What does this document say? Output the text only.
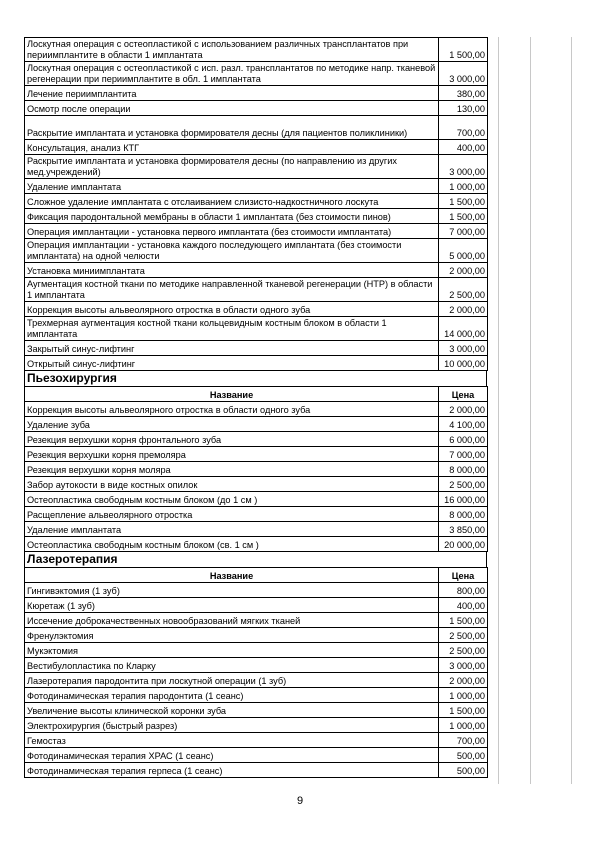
Лоскутная операция с остеопластикой с использованием различных трансплантатов при периимплантите в области 1 имплантата	1 500,00
Лоскутная операция с остеопластикой с исп. разл. трансплантатов по методике напр. тканевой регенерации при периимплантите в обл. 1 имплантата	3 000,00
Лечение периимплантита	380,00
Осмотр после операции	130,00
Раскрытие имплантата и установка формирователя десны (для пациентов поликлиники)	700,00
Консультация, анализ КТГ	400,00
Раскрытие имплантата и установка формирователя десны (по направлению из других мед.учреждений)	3 000,00
Удаление имплантата	1 000,00
Сложное удаление имплантата с отслаиванием слизисто-надкостничного лоскута	1 500,00
Фиксация пародонтальной мембраны в области 1 имплантата (без стоимости пинов)	1 500,00
Операция имплантации - установка первого имплантата (без стоимости имплантата)	7 000,00
Операция имплантации - установка каждого последующего имплантата (без стоимости имплантата) на одной челюсти	5 000,00
Установка миниимплантата	2 000,00
Аугментация костной ткани по методике направленной тканевой регенерации (НТР) в области 1 имплантата	2 500,00
Коррекция высоты альвеолярного отростка в области одного зуба	2 000,00
Трехмерная аугментация костной ткани кольцевидным костным блоком в области 1 имплантата	14 000,00
Закрытый синус-лифтинг	3 000,00
Открытый синус-лифтинг	10 000,00
Пьезохирургия
Название	Цена
Коррекция высоты альвеолярного отростка в области одного зуба	2 000,00
Удаление зуба	4 100,00
Резекция верхушки корня фронтального зуба	6 000,00
Резекция верхушки корня премоляра	7 000,00
Резекция верхушки корня моляра	8 000,00
Забор аутокости в виде костных опилок	2 500,00
Остеопластика свободным костным блоком (до 1 см )	16 000,00
Расщепление альвеолярного отростка	8 000,00
Удаление имплантата	3 850,00
Остеопластика свободным костным блоком (св. 1 см )	20 000,00
Лазеротерапия
Название	Цена
Гингивэктомия (1 зуб)	800,00
Кюретаж (1 зуб)	400,00
Иссечение доброкачественных новообразований мягких тканей	1 500,00
Френулэктомия	2 500,00
Мукэктомия	2 500,00
Вестибулопластика по Кларку	3 000,00
Лазеротерапия пародонтита при лоскутной операции (1 зуб)	2 000,00
Фотодинамическая терапия пародонтита (1 сеанс)	1 000,00
Увеличение высоты клинической коронки зуба	1 500,00
Электрохирургия (быстрый разрез)	1 000,00
Гемостаз	700,00
Фотодинамическая терапия ХРАС (1 сеанс)	500,00
Фотодинамическая терапия герпеса (1 сеанс)	500,00
9
